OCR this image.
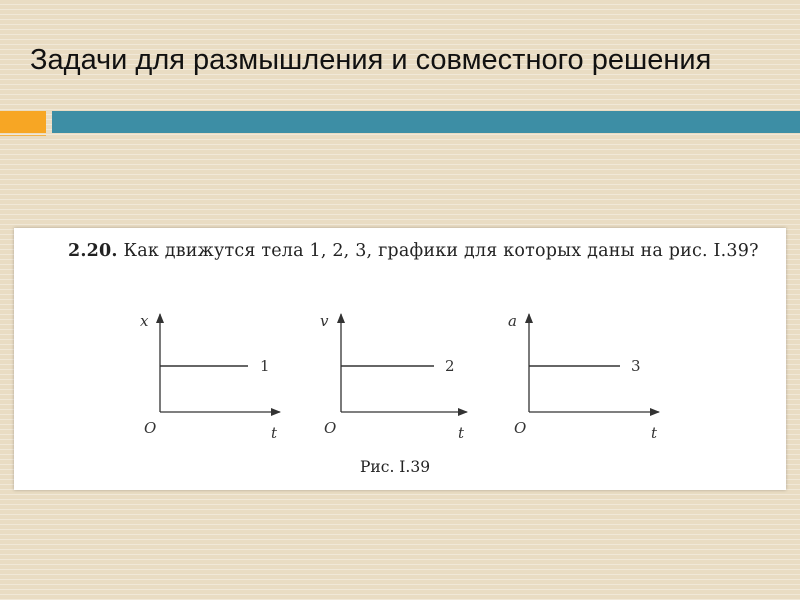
Задачи для размышления и совместного решения
2.20. Как движутся тела 1, 2, 3, графики для которых даны на рис. I.39?
x
1
O	t
v
2
O	t
a
3
O	t
Рис. I.39
